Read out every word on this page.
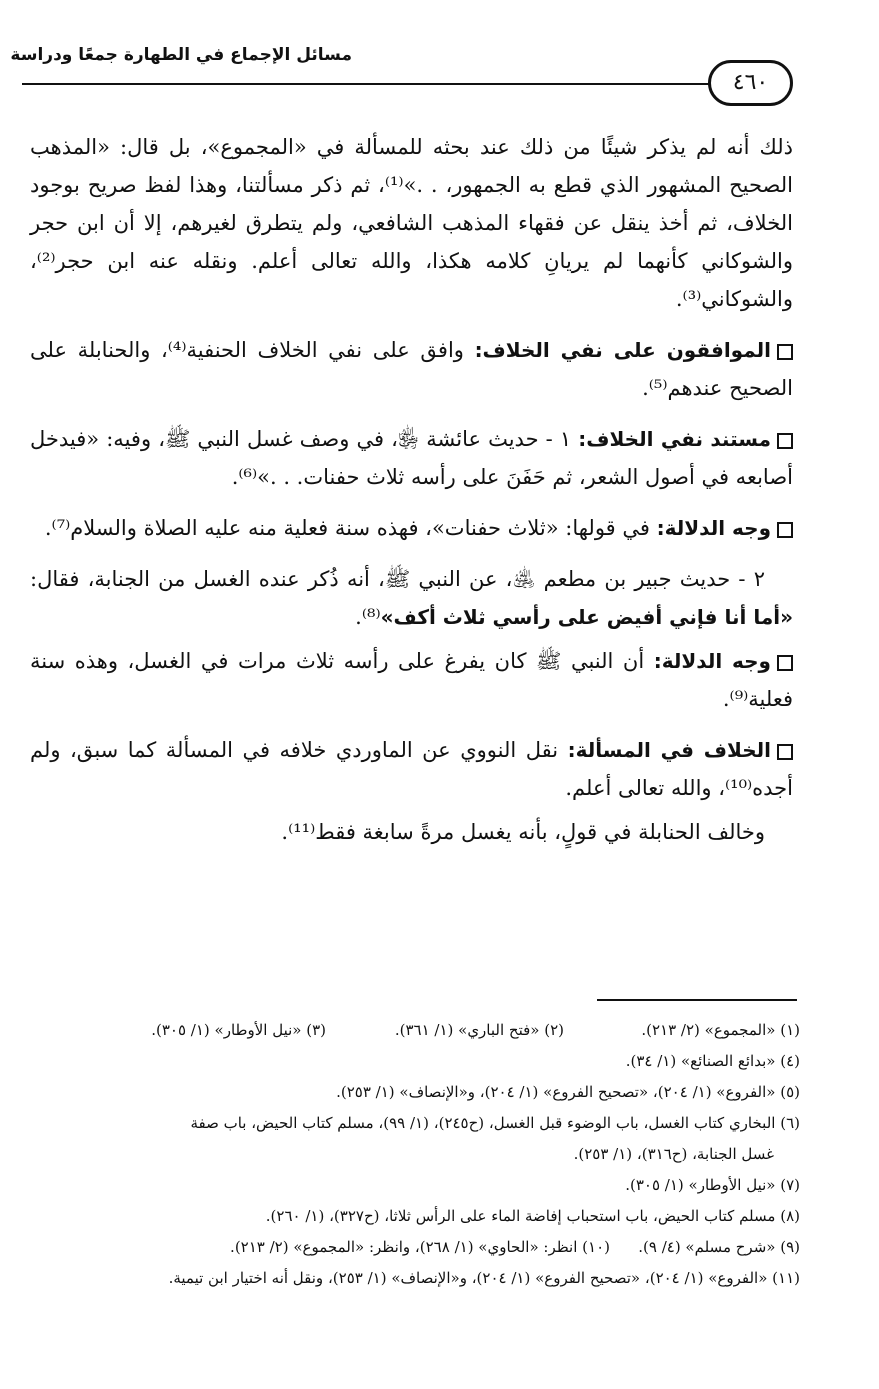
مسائل الإجماع في الطهارة جمعًا ودراسة
٤٦٠

ذلك أنه لم يذكر شيئًا من ذلك عند بحثه للمسألة في «المجموع»، بل قال: «المذهب الصحيح المشهور الذي قطع به الجمهور، . .»⁽¹⁾، ثم ذكر مسألتنا، وهذا لفظ صريح بوجود الخلاف، ثم أخذ ينقل عن فقهاء المذهب الشافعي، ولم يتطرق لغيرهم، إلا أن ابن حجر والشوكاني كأنهما لم يريانِ كلامه هكذا، والله تعالى أعلم. ونقله عنه ابن حجر⁽²⁾، والشوكاني⁽³⁾.

الموافقون على نفي الخلاف: وافق على نفي الخلاف الحنفية⁽⁴⁾، والحنابلة على الصحيح عندهم⁽⁵⁾.

مستند نفي الخلاف: ١ - حديث عائشة ﵂، في وصف غسل النبي ﷺ، وفيه: «فيدخل أصابعه في أصول الشعر، ثم حَفَنَ على رأسه ثلاث حفنات. . .»⁽⁶⁾.

وجه الدلالة: في قولها: «ثلاث حفنات»، فهذه سنة فعلية منه عليه الصلاة والسلام⁽⁷⁾.

٢ - حديث جبير بن مطعم ﵁، عن النبي ﷺ، أنه ذُكر عنده الغسل من الجنابة، فقال: «أما أنا فإني أفيض على رأسي ثلاث أكف»⁽⁸⁾.

وجه الدلالة: أن النبي ﷺ كان يفرغ على رأسه ثلاث مرات في الغسل، وهذه سنة فعلية⁽⁹⁾.

الخلاف في المسألة: نقل النووي عن الماوردي خلافه في المسألة كما سبق، ولم أجده⁽¹⁰⁾، والله تعالى أعلم.

وخالف الحنابلة في قولٍ، بأنه يغسل مرةً سابغة فقط⁽¹¹⁾.

(١) «المجموع» (٢/ ٢١٣).
(٢) «فتح الباري» (١/ ٣٦١).
(٣) «نيل الأوطار» (١/ ٣٠٥).

(٤) «بدائع الصنائع» (١/ ٣٤).

(٥) «الفروع» (١/ ٢٠٤)، «تصحيح الفروع» (١/ ٢٠٤)، و«الإنصاف» (١/ ٢٥٣).

(٦) البخاري كتاب الغسل، باب الوضوء قبل الغسل، (ح٢٤٥)، (١/ ٩٩)، مسلم كتاب الحيض، باب صفة

غسل الجنابة، (ح٣١٦)، (١/ ٢٥٣).

(٧) «نيل الأوطار» (١/ ٣٠٥).

(٨) مسلم كتاب الحيض، باب استحباب إفاضة الماء على الرأس ثلاثا، (ح٣٢٧)، (١/ ٢٦٠).

(٩) «شرح مسلم» (٤/ ٩).
(١٠) انظر: «الحاوي» (١/ ٢٦٨)، وانظر: «المجموع» (٢/ ٢١٣).

(١١) «الفروع» (١/ ٢٠٤)، «تصحيح الفروع» (١/ ٢٠٤)، و«الإنصاف» (١/ ٢٥٣)، ونقل أنه اختيار ابن تيمية.
